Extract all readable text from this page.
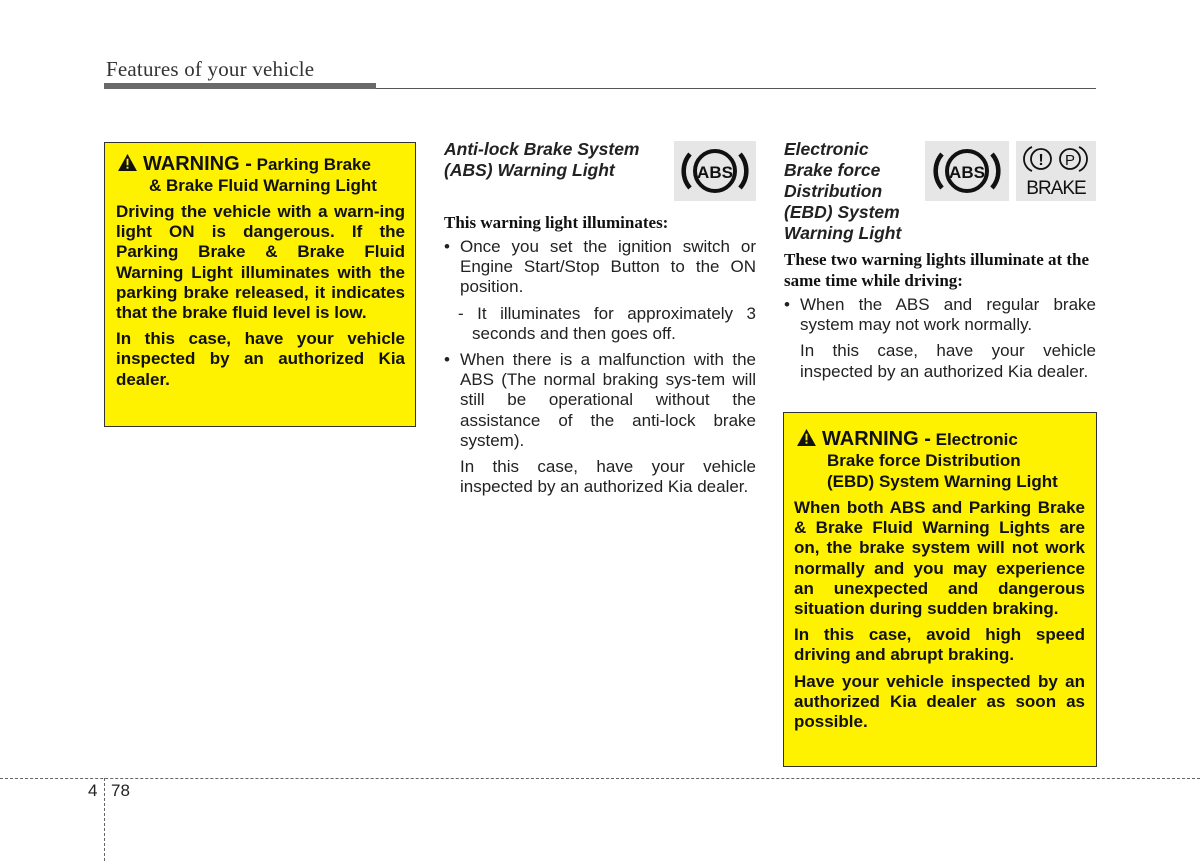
Features of your vehicle
WARNING - Parking Brake
& Brake Fluid Warning Light
Driving the vehicle with a warn-ing light ON is dangerous. If the Parking Brake & Brake Fluid Warning Light illuminates with the parking brake released, it indicates that the brake fluid level is low.
In this case, have your vehicle inspected by an authorized Kia dealer.
Anti-lock Brake System
(ABS) Warning Light	ABS
This warning light illuminates:
• Once you set the ignition switch or Engine Start/Stop Button to the ON position.
- It illuminates for approximately 3 seconds and then goes off.
• When there is a malfunction with the ABS (The normal braking sys-tem will still be operational without the assistance of the anti-lock brake system).
In this case, have your vehicle inspected by an authorized Kia dealer.
Electronic
Brake force
Distribution
(EBD) System
Warning Light
ABS
! P
BRAKE
These two warning lights illuminate at the same time while driving:
• When the ABS and regular brake system may not work normally.
In this case, have your vehicle inspected by an authorized Kia dealer.
WARNING - Electronic
Brake force Distribution
(EBD) System Warning Light
When both ABS and Parking Brake & Brake Fluid Warning Lights are on, the brake system will not work normally and you may experience an unexpected and dangerous situation during sudden braking.
In this case, avoid high speed driving and abrupt braking.
Have your vehicle inspected by an authorized Kia dealer as soon as possible.
4 78
